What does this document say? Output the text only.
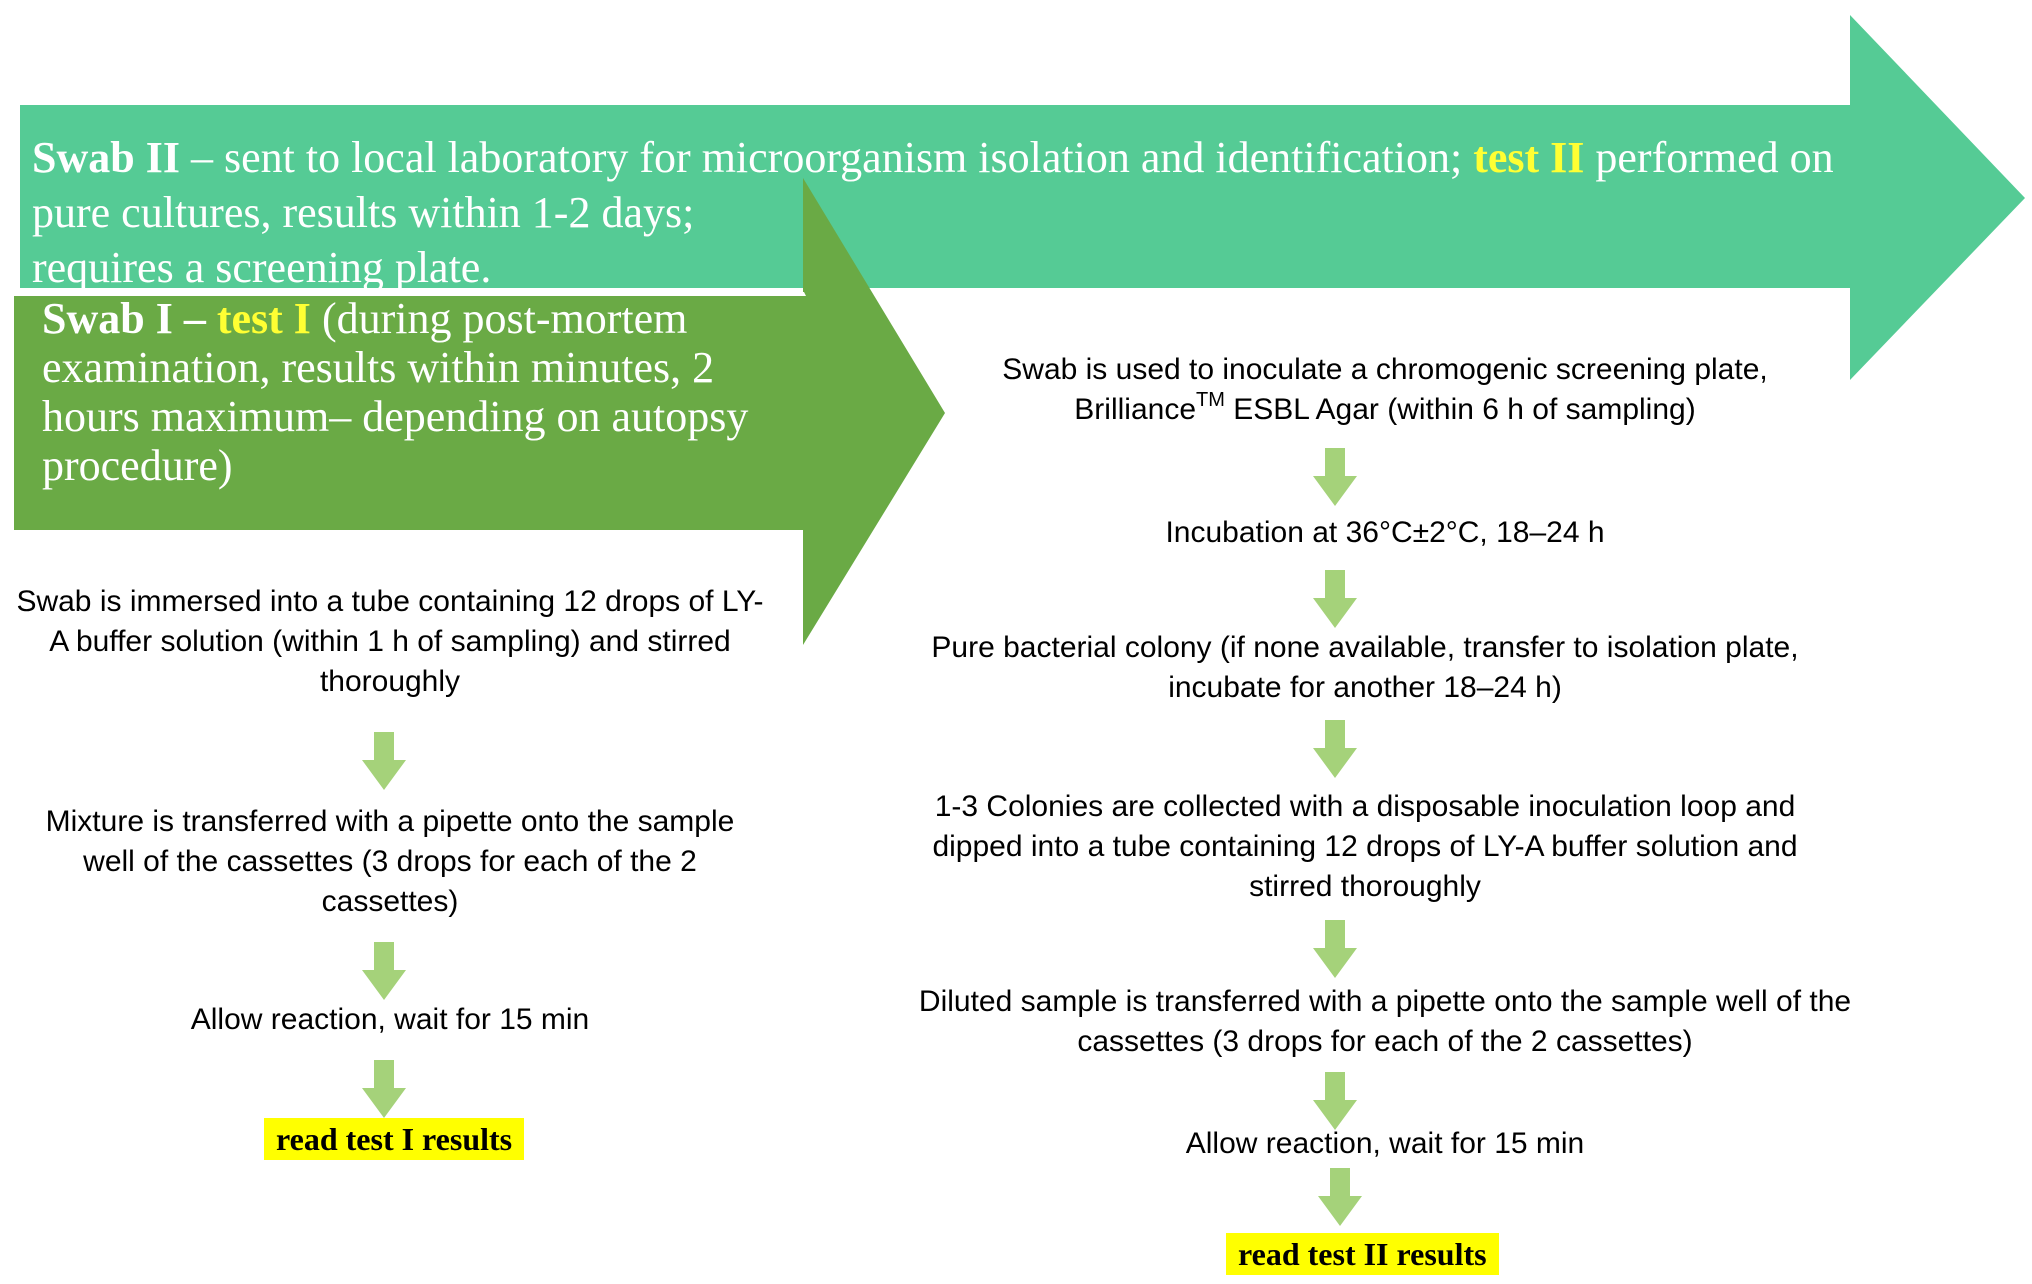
Swab II – sent to local laboratory for microorganism isolation and identification; test II performed on pure cultures, results within 1-2 days;
requires a screening plate.
Swab I – test I (during post-mortem examination, results within minutes, 2 hours maximum– depending on autopsy procedure)
Swab is immersed into a tube containing 12 drops of LY-A buffer solution (within 1 h of sampling) and stirred thoroughly
Mixture is transferred with a pipette onto the sample well of the cassettes (3 drops for each of the 2 cassettes)
Allow reaction, wait for 15 min
read test I results
Swab is used to inoculate a chromogenic screening plate,
Brilliance™ ESBL Agar (within 6 h of sampling)
Incubation at 36°C±2°C, 18–24 h
Pure bacterial colony (if none available, transfer to isolation plate, incubate for another 18–24 h)
1-3 Colonies are collected with a disposable inoculation loop and dipped into a tube containing 12 drops of LY-A buffer solution and stirred thoroughly
Diluted sample is transferred with a pipette onto the sample well of the cassettes (3 drops for each of the 2 cassettes)
Allow reaction, wait for 15 min
read test II results
